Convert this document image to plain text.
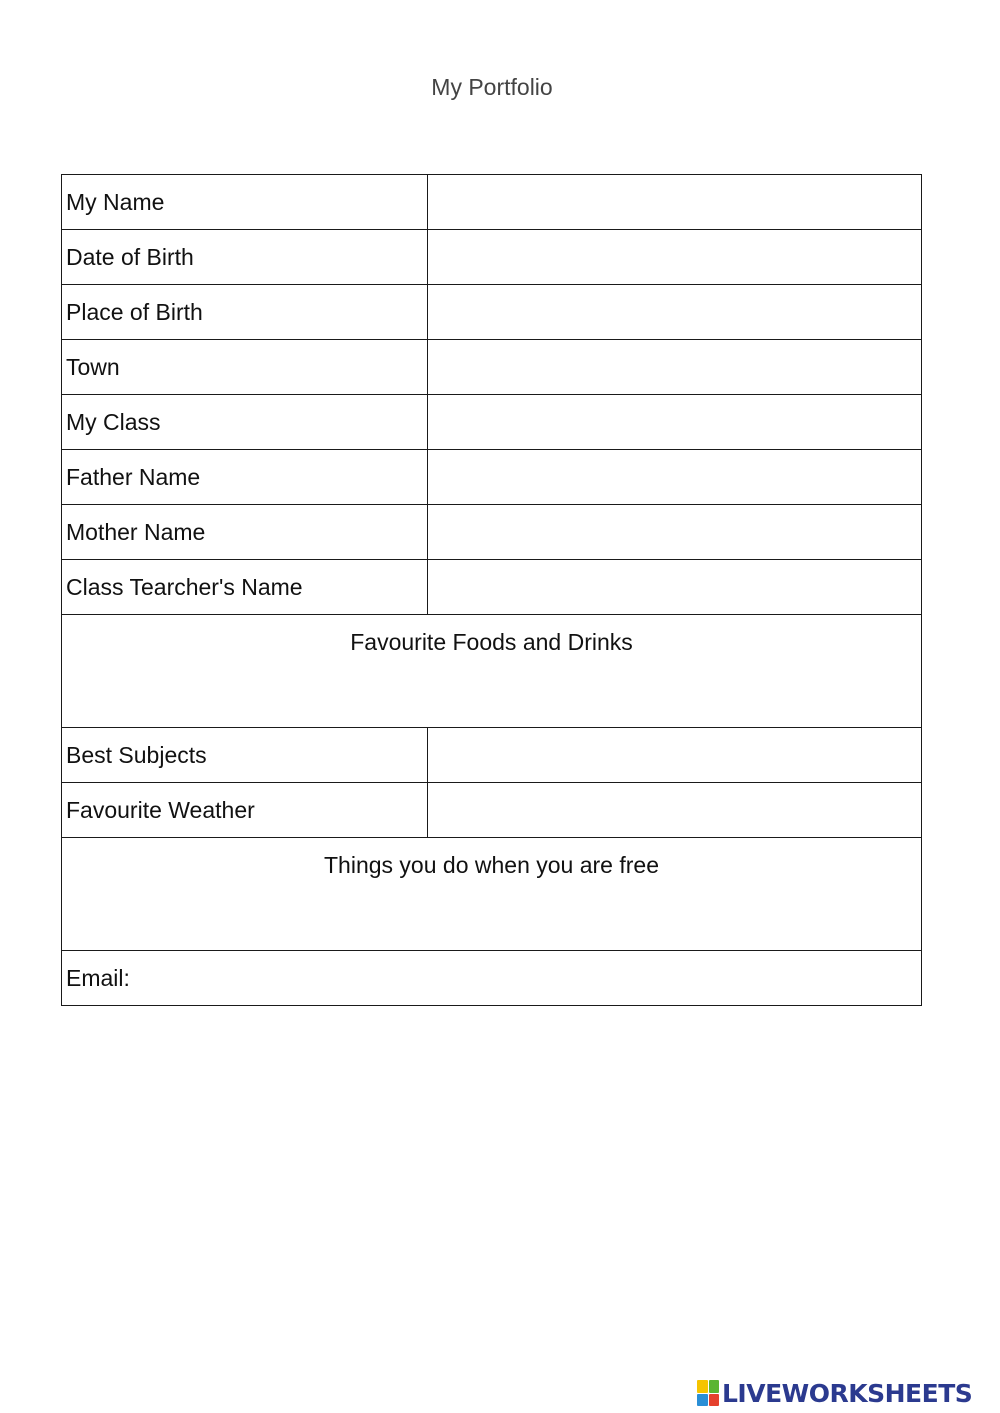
My Portfolio
My Name	
Date of Birth	
Place of Birth	
Town	
My Class	
Father Name	
Mother Name	
Class Tearcher's Name	
Favourite Foods and Drinks	
Best Subjects	
Favourite Weather	
Things you do when you are free	
Email:	
LIVEWORKSHEETS
